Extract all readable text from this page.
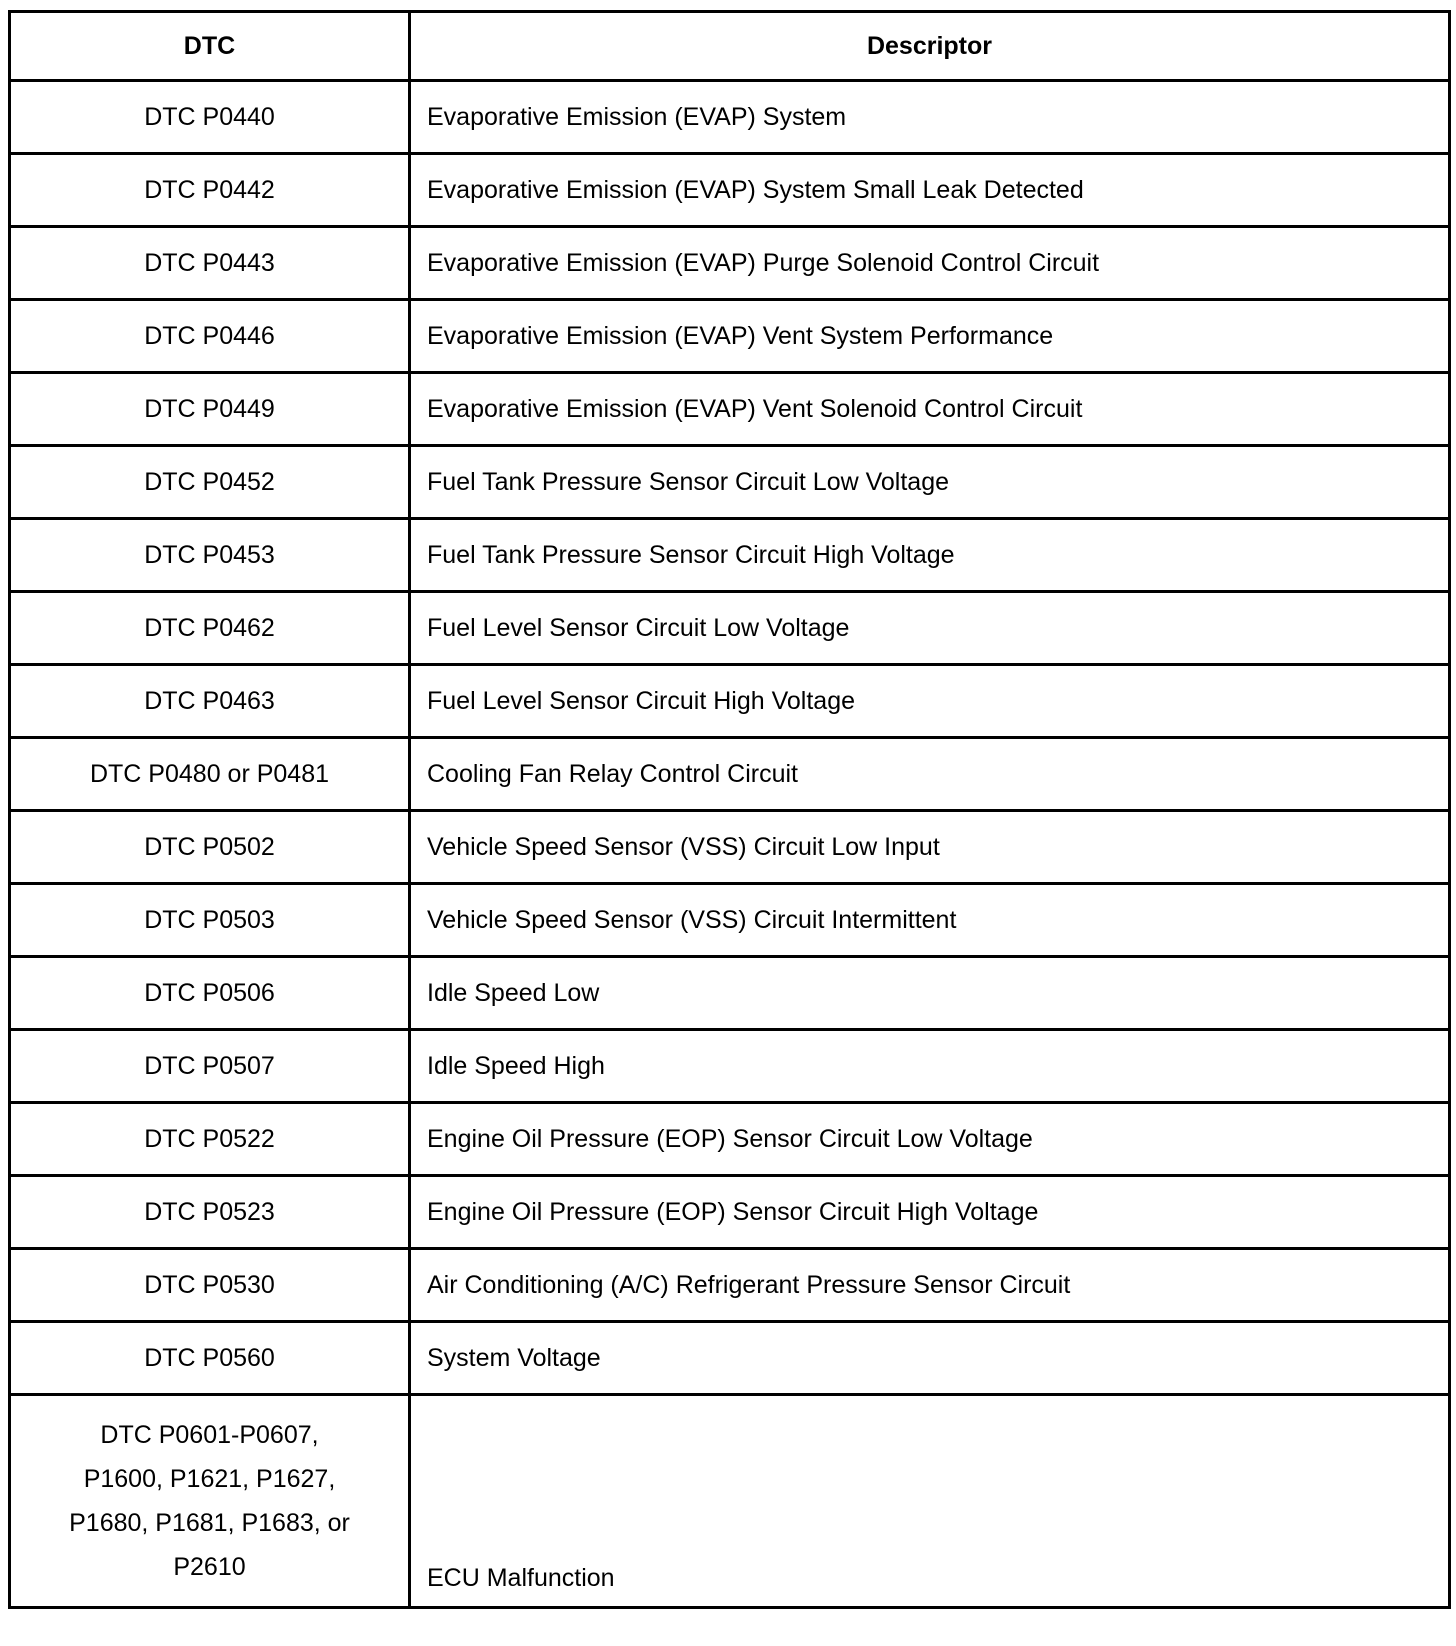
DTC	Descriptor
DTC P0440	Evaporative Emission (EVAP) System
DTC P0442	Evaporative Emission (EVAP) System Small Leak Detected
DTC P0443	Evaporative Emission (EVAP) Purge Solenoid Control Circuit
DTC P0446	Evaporative Emission (EVAP) Vent System Performance
DTC P0449	Evaporative Emission (EVAP) Vent Solenoid Control Circuit
DTC P0452	Fuel Tank Pressure Sensor Circuit Low Voltage
DTC P0453	Fuel Tank Pressure Sensor Circuit High Voltage
DTC P0462	Fuel Level Sensor Circuit Low Voltage
DTC P0463	Fuel Level Sensor Circuit High Voltage
DTC P0480 or P0481	Cooling Fan Relay Control Circuit
DTC P0502	Vehicle Speed Sensor (VSS) Circuit Low Input
DTC P0503	Vehicle Speed Sensor (VSS) Circuit Intermittent
DTC P0506	Idle Speed Low
DTC P0507	Idle Speed High
DTC P0522	Engine Oil Pressure (EOP) Sensor Circuit Low Voltage
DTC P0523	Engine Oil Pressure (EOP) Sensor Circuit High Voltage
DTC P0530	Air Conditioning (A/C) Refrigerant Pressure Sensor Circuit
DTC P0560	System Voltage
DTC P0601-P0607,
P1600, P1621, P1627,
P1680, P1681, P1683, or
P2610	ECU Malfunction
